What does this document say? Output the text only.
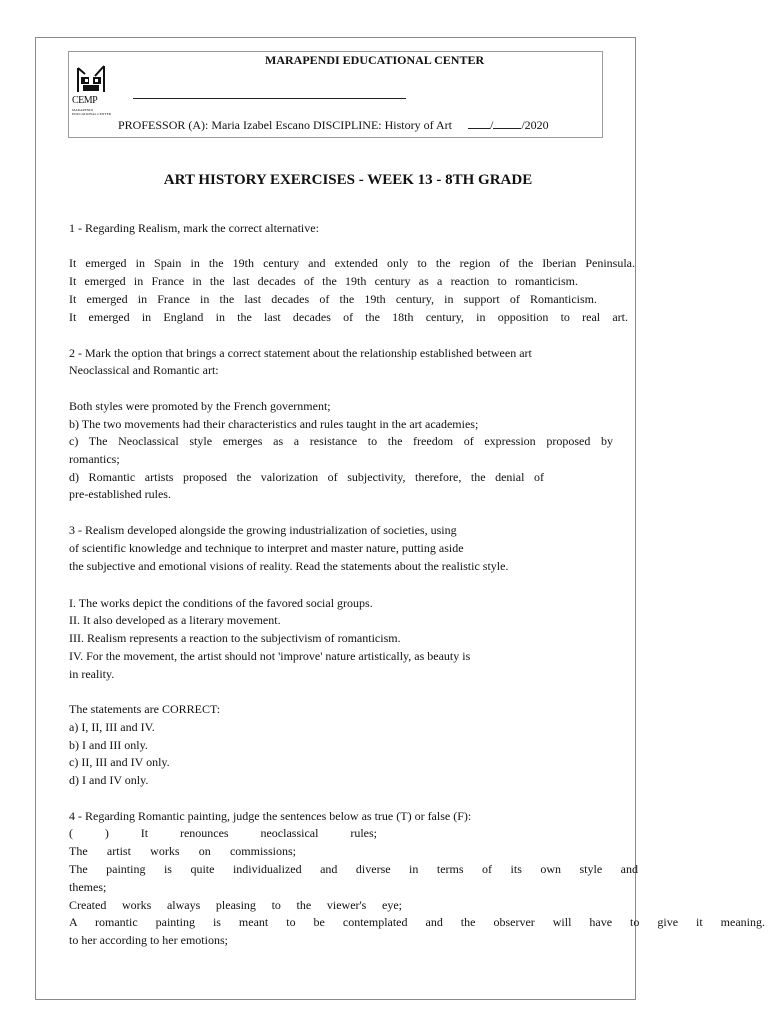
MARAPENDI EDUCATIONAL CENTER
CEMP
MARAPENDI EDUCATIONAL CENTER
PROFESSOR (A): Maria Izabel Escano DISCIPLINE: History of Art	/ /2020
ART HISTORY EXERCISES - WEEK 13 - 8TH GRADE
1 - Regarding Realism, mark the correct alternative:
It emerged in Spain in the 19th century and extended only to the region of the Iberian Peninsula.
It emerged in France in the last decades of the 19th century as a reaction to romanticism.
It emerged in France in the last decades of the 19th century, in support of Romanticism.
It emerged in England in the last decades of the 18th century, in opposition to real art.
2 - Mark the option that brings a correct statement about the relationship established between art
Neoclassical and Romantic art:
Both styles were promoted by the French government;
b) The two movements had their characteristics and rules taught in the art academies;
c) The Neoclassical style emerges as a resistance to the freedom of expression proposed by
romantics;
d) Romantic artists proposed the valorization of subjectivity, therefore, the denial of
pre-established rules.
3 - Realism developed alongside the growing industrialization of societies, using
of scientific knowledge and technique to interpret and master nature, putting aside
the subjective and emotional visions of reality. Read the statements about the realistic style.
I. The works depict the conditions of the favored social groups.
II. It also developed as a literary movement.
III. Realism represents a reaction to the subjectivism of romanticism.
IV. For the movement, the artist should not 'improve' nature artistically, as beauty is
in reality.
The statements are CORRECT:
a) I, II, III and IV.
b) I and III only.
c) II, III and IV only.
d) I and IV only.
4 - Regarding Romantic painting, judge the sentences below as true (T) or false (F):
( ) It renounces neoclassical rules;
The artist works on commissions;
The painting is quite individualized and diverse in terms of its own style and
themes;
Created works always pleasing to the viewer's eye;
A romantic painting is meant to be contemplated and the observer will have to give it meaning.
to her according to her emotions;
